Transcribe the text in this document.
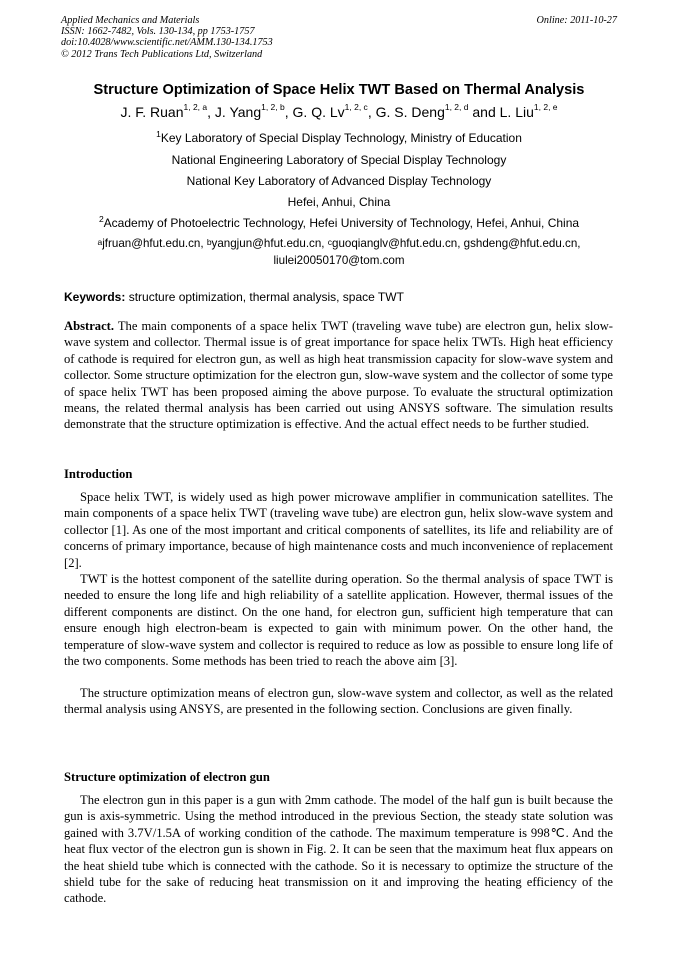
Applied Mechanics and Materials
ISSN: 1662-7482, Vols. 130-134, pp 1753-1757
doi:10.4028/www.scientific.net/AMM.130-134.1753
© 2012 Trans Tech Publications Ltd, Switzerland
Online: 2011-10-27
Structure Optimization of Space Helix TWT Based on Thermal Analysis
J. F. Ruan$^{1, 2, a}$, J. Yang$^{1, 2, b}$, G. Q. Lv$^{1, 2, c}$, G. S. Deng$^{1, 2, d}$ and L. Liu$^{1, 2, e}$
$^1$Key Laboratory of Special Display Technology, Ministry of Education
National Engineering Laboratory of Special Display Technology
National Key Laboratory of Advanced Display Technology
Hefei, Anhui, China
$^2$Academy of Photoelectric Technology, Hefei University of Technology, Hefei, Anhui, China
$^a$jfruan@hfut.edu.cn, $^b$yangjun@hfut.edu.cn, $^c$guoqianglv@hfut.edu.cn, gshdeng@hfut.edu.cn,
liulei20050170@tom.com
Keywords: structure optimization, thermal analysis, space TWT
Abstract. The main components of a space helix TWT (traveling wave tube) are electron gun, helix slow-wave system and collector. Thermal issue is of great importance for space helix TWTs. High heat efficiency of cathode is required for electron gun, as well as high heat transmission capacity for slow-wave system and collector. Some structure optimization for the electron gun, slow-wave system and the collector of some type of space helix TWT has been proposed aiming the above purpose. To evaluate the structural optimization means, the related thermal analysis has been carried out using ANSYS software. The simulation results demonstrate that the structure optimization is effective. And the actual effect needs to be further studied.
Introduction
Space helix TWT, is widely used as high power microwave amplifier in communication satellites. The main components of a space helix TWT (traveling wave tube) are electron gun, helix slow-wave system and collector [1]. As one of the most important and critical components of satellites, its life and reliability are of concerns of primary importance, because of high maintenance costs and much inconvenience of replacement [2].
TWT is the hottest component of the satellite during operation. So the thermal analysis of space TWT is needed to ensure the long life and high reliability of a satellite application. However, thermal issues of the different components are distinct. On the one hand, for electron gun, sufficient high temperature that can ensure enough high electron-beam is expected to gain with minimum power. On the other hand, the temperature of slow-wave system and collector is required to reduce as low as possible to ensure long life of the two components. Some methods has been tried to reach the above aim [3].
The structure optimization means of electron gun, slow-wave system and collector, as well as the related thermal analysis using ANSYS, are presented in the following section. Conclusions are given finally.
Structure optimization of electron gun
The electron gun in this paper is a gun with 2mm cathode. The model of the half gun is built because the gun is axis-symmetric. Using the method introduced in the previous Section, the steady state solution was gained with 3.7V/1.5A of working condition of the cathode. The maximum temperature is 998℃. And the heat flux vector of the electron gun is shown in Fig. 2. It can be seen that the maximum heat flux appears on the heat shield tube which is connected with the cathode. So it is necessary to optimize the structure of the shield tube for the sake of reducing heat transmission on it and improving the heating efficiency of the cathode.
